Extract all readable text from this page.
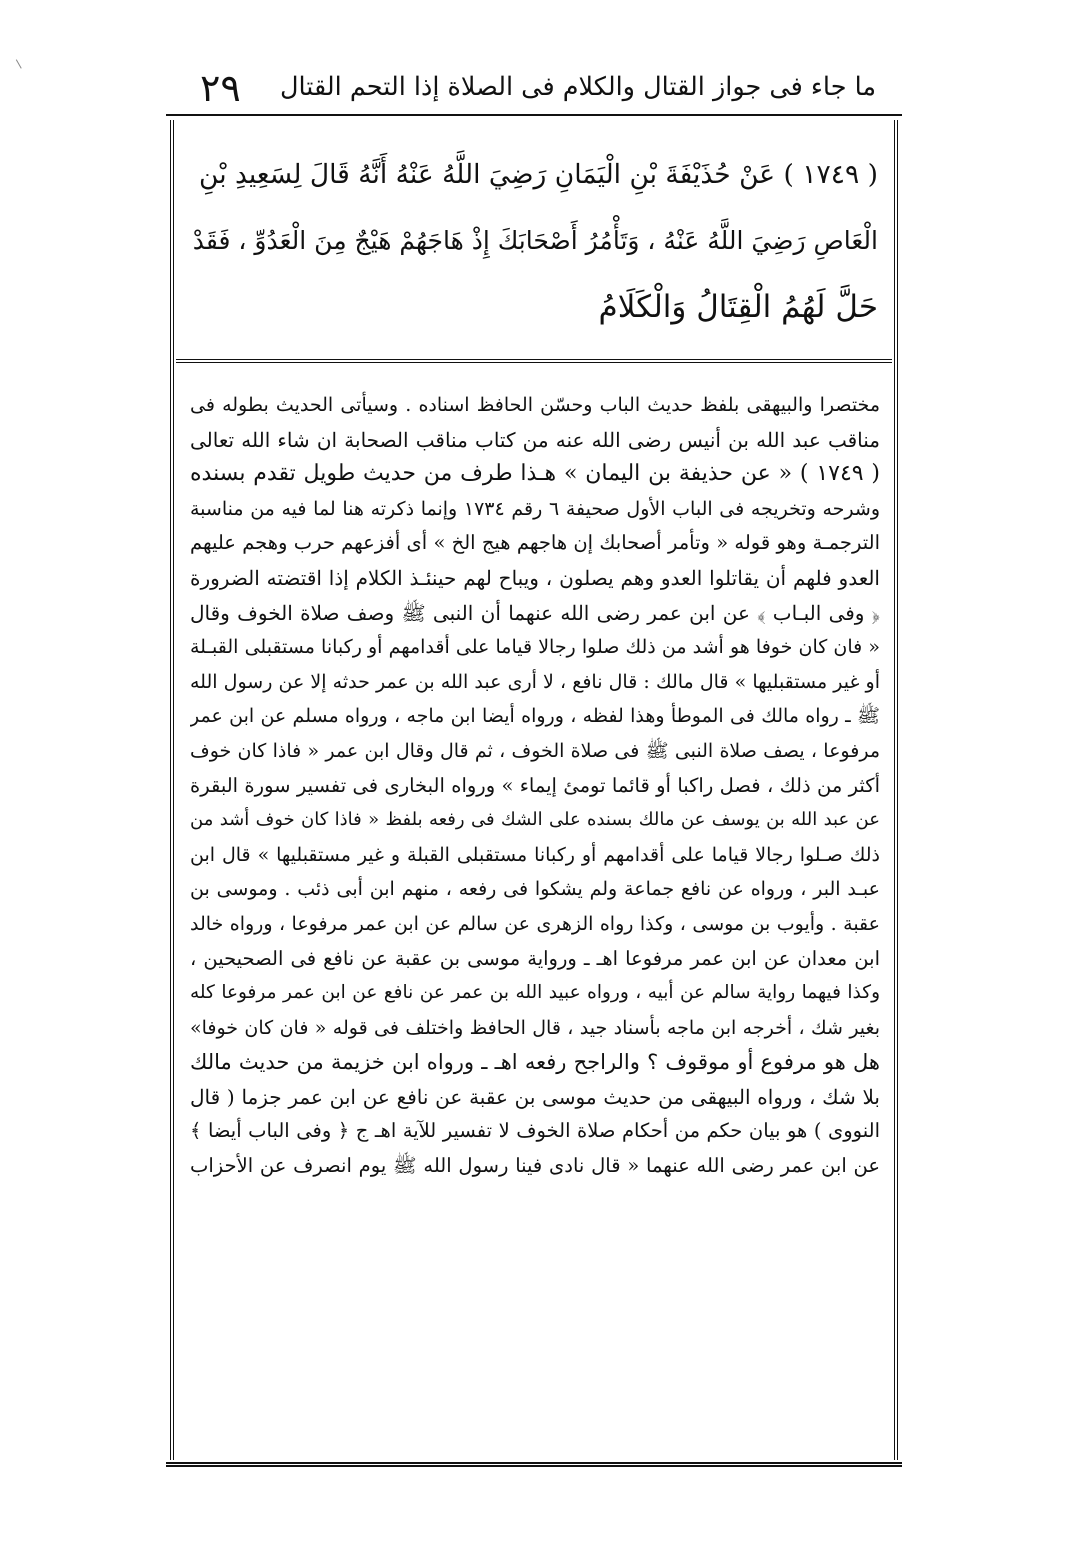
ما جاء فى جواز القتال والكلام فى الصلاة إذا التحم القتال
٢٩
( ١٧٤٩ ) عَنْ حُذَيْفَةَ بْنِ الْيَمَانِ رَضِيَ اللَّهُ عَنْهُ أَنَّهُ قَالَ لِسَعِيدِ بْنِ
الْعَاصِ رَضِيَ اللَّهُ عَنْهُ ، وَتَأْمُرُ أَصْحَابَكَ إِذْ هَاجَهُمْ هَيْجٌ مِنَ الْعَدُوِّ ، فَقَدْ
حَلَّ لَهُمُ الْقِتَالُ وَالْكَلَامُ
مختصرا والبيهقى بلفظ حديث الباب وحسّن الحافظ اسناده . وسيأتى الحديث بطوله فى
مناقب عبد الله بن أنيس رضى الله عنه من كتاب مناقب الصحابة ان شاء الله تعالى
( ١٧٤٩ ) « عن حذيفة بن اليمان » هـذا طرف من حديث طويل تقدم بسنده
وشرحه وتخريجه فى الباب الأول صحيفة ٦ رقم ١٧٣٤ وإنما ذكرته هنا لما فيه من مناسبة
الترجمـة وهو قوله « وتأمر أصحابك إن هاجهم هيج الخ » أى أفزعهم حرب وهجم عليهم
العدو فلهم أن يقاتلوا العدو وهم يصلون ، ويباح لهم حينئـذ الكلام إذا اقتضته الضرورة
﴿ وفى البـاب ﴾ عن ابن عمر رضى الله عنهما أن النبى ﷺ وصف صلاة الخوف وقال
« فان كان خوفا هو أشد من ذلك صلوا رجالا قياما على أقدامهم أو ركبانا مستقبلى القبـلة
أو غير مستقبليها » قال مالك : قال نافع ، لا أرى عبد الله بن عمر حدثه إلا عن رسول الله
ﷺ ـ رواه مالك فى الموطأ وهذا لفظه ، ورواه أيضا ابن ماجه ، ورواه مسلم عن ابن عمر
مرفوعا ، يصف صلاة النبى ﷺ فى صلاة الخوف ، ثم قال وقال ابن عمر « فاذا كان خوف
أكثر من ذلك ، فصل راكبا أو قائما تومئ إيماء » ورواه البخارى فى تفسير سورة البقرة
عن عبد الله بن يوسف عن مالك بسنده على الشك فى رفعه بلفظ « فاذا كان خوف أشد من
ذلك صـلوا رجالا قياما على أقدامهم أو ركبانا مستقبلى القبلة و غير مستقبليها » قال ابن
عبـد البر ، ورواه عن نافع جماعة ولم يشكوا فى رفعه ، منهم ابن أبى ذئب . وموسى بن
عقبة . وأيوب بن موسى ، وكذا رواه الزهرى عن سالم عن ابن عمر مرفوعا ، ورواه خالد
ابن معدان عن ابن عمر مرفوعا اهـ ـ ورواية موسى بن عقبة عن نافع فى الصحيحين ،
وكذا فيهما رواية سالم عن أبيه ، ورواه عبيد الله بن عمر عن نافع عن ابن عمر مرفوعا كله
بغير شك ، أخرجه ابن ماجه بأسناد جيد ، قال الحافظ واختلف فى قوله « فان كان خوفا»
هل هو مرفوع أو موقوف ؟ والراجح رفعه اهـ ـ ورواه ابن خزيمة من حديث مالك
بلا شك ، ورواه البيهقى من حديث موسى بن عقبة عن نافع عن ابن عمر جزما ( قال
النووى ) هو بيان حكم من أحكام صلاة الخوف لا تفسير للآية اهـ ج ﴿ وفى الباب أيضا ﴾
عن ابن عمر رضى الله عنهما « قال نادى فينا رسول الله ﷺ يوم انصرف عن الأحزاب
